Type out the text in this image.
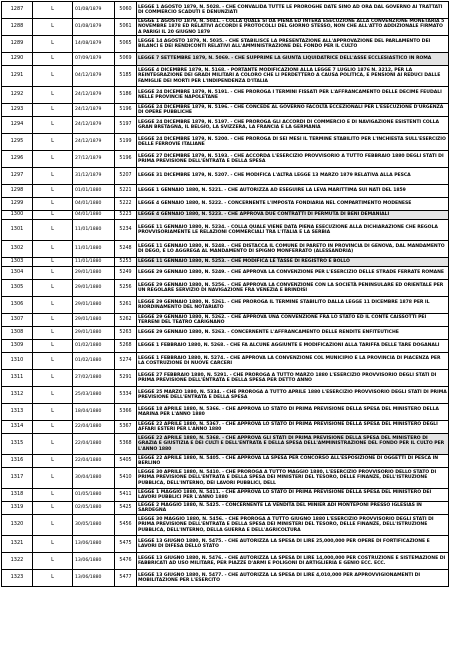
1287	L	01/08/1879	5060	LEGGE 1 AGOSTO 1879, N. 5028. - CHE CONVALIDA TUTTE LE PROROGHE DATE SINO AD ORA DAL GOVERNO AI TRATTATI DI COMMERCIO SCADUTI E DENUNZIATI
1288	L	01/08/1879	5061	LEGGE 1 AGOSTO 1879, N. 5041. - COLLA QUALE SI DÀ PIENA ED INTERA ESECUZIONE ALLA CONVENZIONE MONETARIA 5 NOVEMBRE 1878 ED RELATIVI ACCORDI E PROTOCOLLI DEL GIORNO STESSO, NON CHE ALL'ATTO ADDIZIONALE FIRMATO A PARIGI IL 20 GIUGNO 1879
1289	L	14/08/1879	5065	LEGGE 14 AGOSTO 1879, N. 5035. - CHE STABILISCE LA PRESENTAZIONE ALL'APPROVAZIONE DEL PARLAMENTO DEI BILANCI E DEI RENDICONTI RELATIVI ALL'AMMINISTRAZIONE DEL FONDO PER IL CULTO
1290	L	07/09/1879	5069	LEGGE 7 SETTEMBRE 1879, N. 5069. - CHE SUPPRIME LA GIUNTA LIQUIDATRICE DELL'ASSE ECCLESIASTICO IN ROMA
1291	L	04/12/1879	5185	LEGGE 4 DICEMBRE 1879, N. 5168. - PORTANTE MODIFICAZIONI ALLA LEGGE 7 LUGLIO 1876 N. 3212, PER LA REINTEGRAZIONE DEI GRADI MILITARI A COLORO CHE LI PERDETTERO A CAUSA POLITICA, E PENSIONI AI REDUCI DALLE FAMIGLIE DEI MORTI PER L'INDIPENDENZA D'ITALIA
1292	L	24/12/1879	5186	LEGGE 24 DICEMBRE 1879, N. 5191. - CHE PROROGA I TERMINI FISSATI PER L'AFFRANCAMENTO DELLE DECIME FEUDALI NELLE PROVINCIE NAPOLETANE
1293	L	24/12/1879	5196	LEGGE 24 DICEMBRE 1879, N. 5196. - CHE CONCEDE AL GOVERNO FACOLTÀ ECCEZIONALI PER L'ESECUZIONE D'URGENZA DI OPERE PUBBLICHE
1294	L	24/12/1879	5197	LEGGE 24 DICEMBRE 1879, N. 5197. - CHE PROROGA GLI ACCORDI DI COMMERCIO E DI NAVIGAZIONE ESISTENTI COLLA GRAN BRETAGNA, IL BELGIO, LA SVIZZERA, LA FRANCIA E LA GERMANIA
1295	L	24/12/1879	5199	LEGGE 24 DICEMBRE 1879, N. 5200. - CHE PROROGA DI SEI MESI IL TERMINE STABILITO PER L'INCHIESTA SULL'ESERCIZIO DELLE FERROVIE ITALIANE
1296	L	27/12/1879	5196	LEGGE 27 DICEMBRE 1879, N. 5193. - CHE ACCORDA L'ESERCIZIO PROVVISORIO A TUTTO FEBBRAIO 1880 DEGLI STATI DI PRIMA PREVISIONE DELL'ENTRATA E DELLA SPESA
1297	L	31/12/1879	5207	LEGGE 31 DICEMBRE 1879, N. 5207. - CHE MODIFICA L'ALTRA LEGGE 13 MARZO 1879 RELATIVA ALLA PESCA
1298	L	01/01/1880	5221	LEGGE 1 GENNAIO 1880, N. 5221. - CHE AUTORIZZA AD ESEGUIRE LA LEVA MARITTIMA SUI NATI DEL 1859
1299	L	04/01/1880	5222	LEGGE 4 GENNAIO 1880, N. 5222. - CONCERNENTE L'IMPOSTA FONDIARIA NEL COMPARTIMENTO MODENESE
1300	L	04/01/1880	5223	LEGGE 4 GENNAIO 1880, N. 5223. - CHE APPROVA DUE CONTRATTI DI PERMUTA DI BENI DEMANIALI
1301	L	11/01/1880	5234	LEGGE 11 GENNAIO 1880, N. 5234. - COLLA QUALE VIENE DATA PIENA ESECUZIONE ALLA DICHIARAZIONE CHE REGOLA PROVVISORIAMENTE LE RELAZIONI COMMERCIALI TRA L'ITALIA E LA SERBIA
1302	L	11/01/1880	5248	LEGGE 11 GENNAIO 1880, N. 5248. - CHE DISTACCA IL COMUNE DI PARETO IN PROVINCIA DI GENOVA, DAL MANDAMENTO DI DEGO, E LO AGGREGA AL MANDAMENTO DI SPIGNO MONFERRATO (ALESSANDRIA)
1303	L	11/01/1880	5253	LEGGE 11 GENNAIO 1880, N. 5253. - CHE MODIFICA LE TASSE DI REGISTRO E BOLLO
1304	L	29/01/1880	5249	LEGGE 29 GENNAIO 1880, N. 5249. - CHE APPROVA LA CONVENZIONE PER L'ESERCIZIO DELLE STRADE FERRATE ROMANE
1305	L	29/01/1880	5256	LEGGE 29 GENNAIO 1880, N. 5256. - CHE APPROVA LA CONVENZIONE CON LA SOCIETÀ PENINSULARE ED ORIENTALE PER UN REGOLARE SERVIZIO DI NAVIGAZIONE FRA VENEZIA E BRINDISI
1306	L	29/01/1880	5261	LEGGE 29 GENNAIO 1880, N. 5261. - CHE PROROGA IL TERMINE STABILITO DALLA LEGGE 11 DICEMBRE 1878 PER IL RIORDINAMENTO DEL NOTARIATO
1307	L	29/01/1880	5262	LEGGE 29 GENNAIO 1880, N. 5262. - CHE APPROVA UNA CONVENZIONE FRA LO STATO ED IL CONTE CAISSOTTI PEI TERRENI DEL TEATRO CARIGNANO
1308	L	29/01/1880	5263	LEGGE 29 GENNAIO 1880, N. 5263. - CONCERNENTE L'AFFRANCAMENTO DELLE RENDITE ENFITEUTICHE
1309	L	01/02/1880	5268	LEGGE 1 FEBBRAIO 1880, N. 5268. - CHE FA ALCUNE AGGIUNTE E MODIFICAZIONI ALLA TARIFFA DELLE TARE DOGANALI
1310	L	01/02/1880	5274	LEGGE 1 FEBBRAIO 1880, N. 5274. - CHE APPROVA LA CONVENZIONE COL MUNICIPIO E LA PROVINCIA DI PIACENZA PER LA COSTRUZIONE DI NUOVE CARCERI
1311	L	27/02/1880	5291	LEGGE 27 FEBBRAIO 1880, N. 5291. - CHE PROROGA A TUTTO MARZO 1880 L'ESERCIZIO PROVVISORIO DEGLI STATI DI PRIMA PREVISIONE DELL'ENTRATA E DELLA SPESA PER DETTO ANNO
1312	L	25/03/1880	5334	LEGGE 25 MARZO 1880, N. 5334. - CHE PROROGA A TUTTO APRILE 1880 L'ESERCIZIO PROVVISORIO DEGLI STATI DI PRIMA PREVISIONE DELL'ENTRATA E DELLA SPESA
1313	L	18/04/1880	5366	LEGGE 18 APRILE 1880, N. 5366. - CHE APPROVA LO STATO DI PRIMA PREVISIONE DELLA SPESA DEL MINISTERO DELLA MARINA PER L'ANNO 1880
1314	L	22/04/1880	5367	LEGGE 22 APRILE 1880, N. 5367. - CHE APPROVA LO STATO DI PRIMA PREVISIONE DELLA SPESA DEL MINISTERO DEGLI AFFARI ESTERI PER L'ANNO 1880
1315	L	22/04/1880	5368	LEGGE 22 APRILE 1880, N. 5368. - CHE APPROVA GLI STATI DI PRIMA PREVISIONE DELLA SPESA DEL MINISTERO DI GRAZIA E GIUSTIZIA E DEI CULTI E DELL'ENTRATA E DELLA SPESA DELL'AMMINISTRAZIONE DEL FONDO PER IL CULTO PER L'ANNO 1880
1316	L	22/04/1880	5405	LEGGE 22 APRILE 1880, N. 5405. - CHE APPROVA LA SPESA PER CONCORSO ALL'ESPOSIZIONE DI OGGETTI DI PESCA IN BERLINO
1317	L	30/04/1880	5410	LEGGE 30 APRILE 1880, N. 5410. - CHE PROROGA A TUTTO MAGGIO 1880, L'ESERCIZIO PROVVISORIO DELLO STATO DI PRIMA PREVISIONE DELL'ENTRATA E DELLA SPESA DEI MINISTERI DEL TESORO, DELLE FINANZE, DELL'ISTRUZIONE PUBBLICA, DELL'INTERNO, DEI LAVORI PUBBLICI, DELL
1318	L	01/05/1880	5411	LEGGE 1 MAGGIO 1880, N. 5411. - CHE APPROVA LO STATO DI PRIMA PREVISIONE DELLA SPESA DEL MINISTERO DEI LAVORI PUBBLICI PER L'ANNO 1880
1319	L	02/05/1880	5425	LEGGE 2 MAGGIO 1880, N. 5425. - CONCERNENTE LA VENDITA DEL MINIER ADI MONTEPONI PRESSO IGLESIAS IN SARDEGNA
1320	L	30/05/1880	5456	LEGGE 30 MAGGIO 1880, N. 5456. - CHE PROROGA A TUTTO GIUGNO 1880 L'ESERCIZIO PROVVISORIO DEGLI STATI DI PRIMA PREVISIONE DELL'ENTRATA E DELLA SPESA DEI MINISTERI DEL TESORO, DELLE FINANZE, DELL'ISTRUZIONE PUBBLICA, DELL'INTERNO, DELLA GUERRA E DELL'AGRICOLTURA
1321	L	13/06/1880	5475	LEGGE 13 GIUGNO 1880, N. 5475. - CHE AUTORIZZA LA SPESA DI LIRE 25,000,000 PER OPERE DI FORTIFICAZIONE E LAVORI DI DIFESA DELLO STATO
1322	L	13/06/1880	5476	LEGGE 13 GIUGNO 1880, N. 5476. - CHE AUTORIZZA LA SPESA DI LIRE 14,000,000 PER COSTRUZIONE E SISTEMAZIONE DI FABBRICATI AD USO MILITARE, PER PIAZZE D'ARMI E POLIGONI DI ARTIGLIERIA E GENIO ECC. ECC.
1323	L	13/06/1880	5477	LEGGE 13 GIUGNO 1880, N. 5477. - CHE AUTORIZZA LA SPESA DI LIRE 4,010,000 PER APPROVVIGIONAMENTI DI MOBILITAZIONE PER L'ESERCITO
